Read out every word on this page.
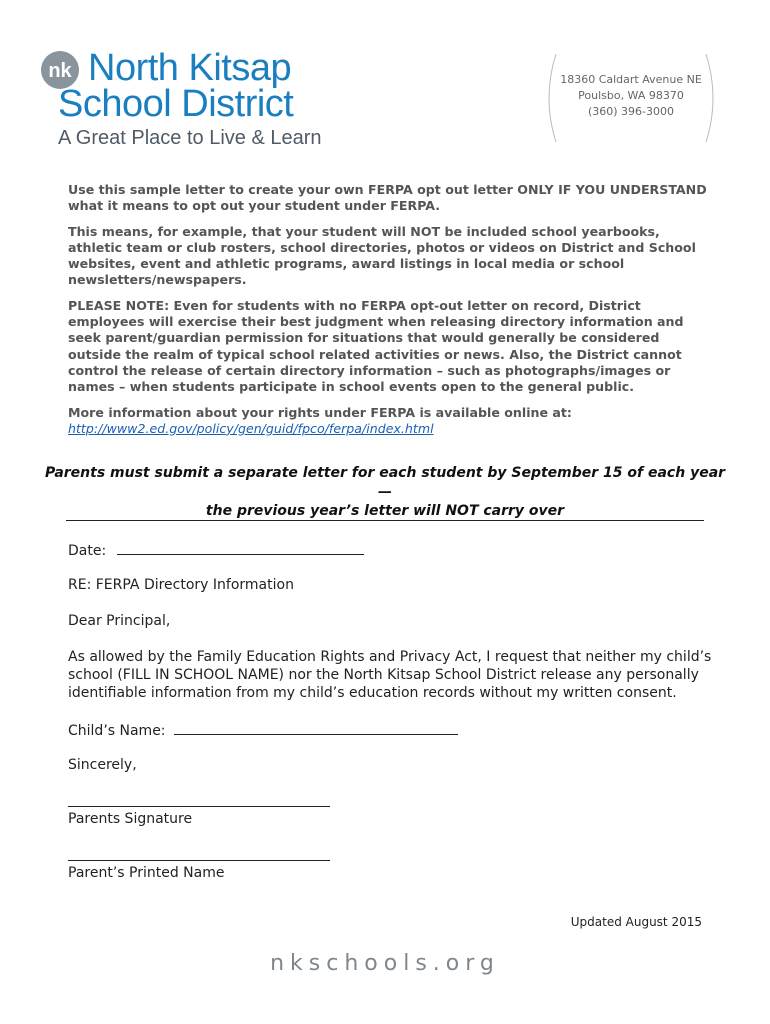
nk North Kitsap
School District
A Great Place to Live & Learn
18360 Caldart Avenue NE
Poulsbo, WA 98370
(360) 396-3000

Use this sample letter to create your own FERPA opt out letter ONLY IF YOU UNDERSTAND what it means to opt out your student under FERPA.

This means, for example, that your student will NOT be included school yearbooks, athletic team or club rosters, school directories, photos or videos on District and School websites, event and athletic programs, award listings in local media or school newsletters/newspapers.

PLEASE NOTE: Even for students with no FERPA opt-out letter on record, District employees will exercise their best judgment when releasing directory information and seek parent/guardian permission for situations that would generally be considered outside the realm of typical school related activities or news. Also, the District cannot control the release of certain directory information – such as photographs/images or names – when students participate in school events open to the general public.

More information about your rights under FERPA is available online at:
http://www2.ed.gov/policy/gen/guid/fpco/ferpa/index.html

Parents must submit a separate letter for each student by September 15 of each year—
the previous year’s letter will NOT carry over
Date:
RE: FERPA Directory Information
Dear Principal,
As allowed by the Family Education Rights and Privacy Act, I request that neither my child’s
school (FILL IN SCHOOL NAME) nor the North Kitsap School District release any personally
identifiable information from my child’s education records without my written consent.
Child’s Name:
Sincerely,
Parents Signature
Parent’s Printed Name
Updated August 2015
nkschools.org
